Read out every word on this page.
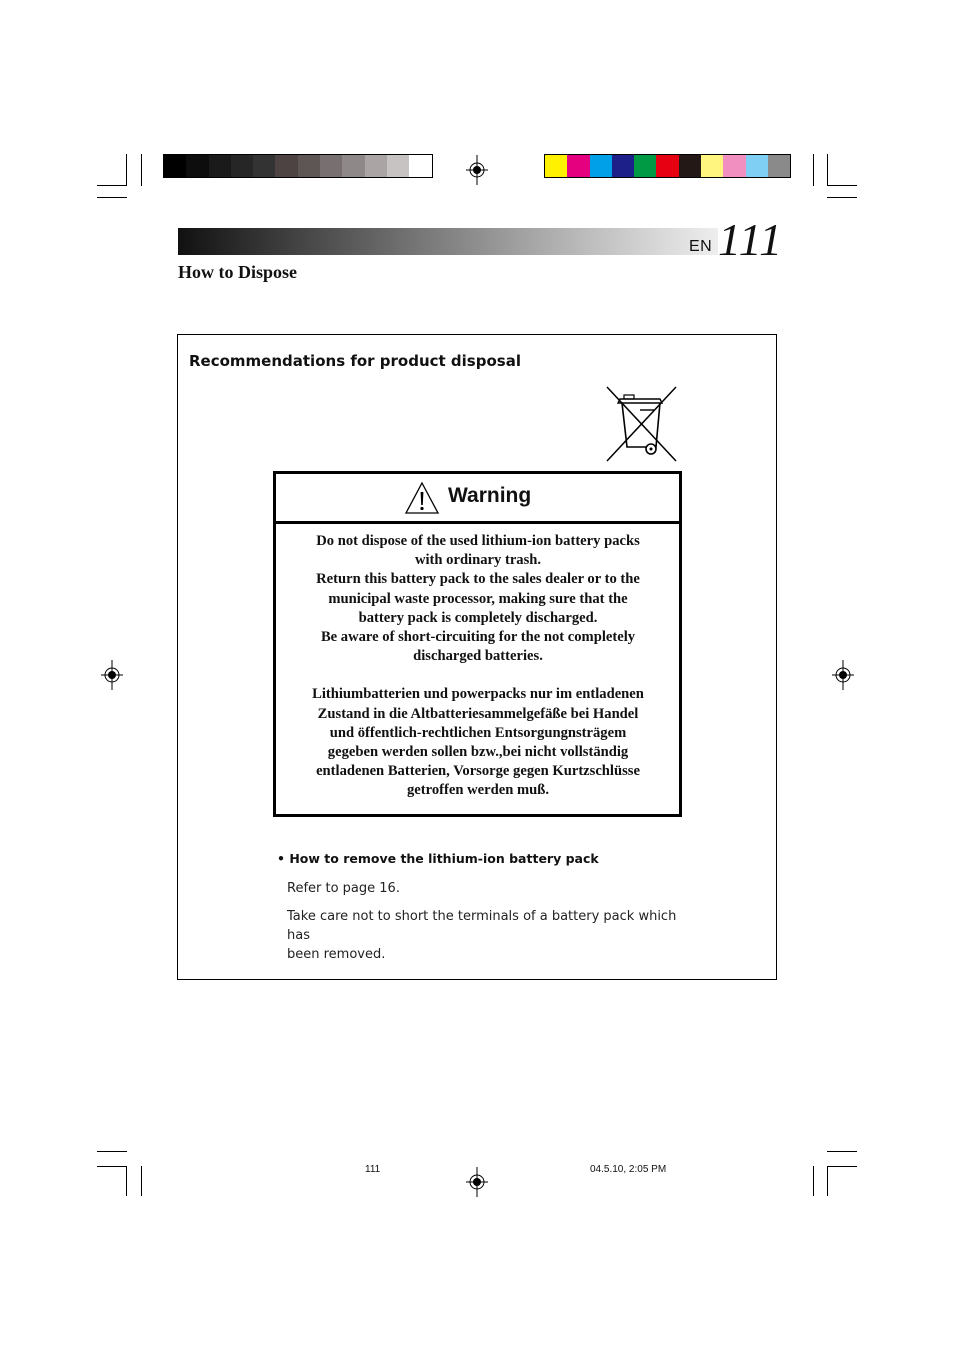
EN 111
How to Dispose
Recommendations for product disposal
Warning

Do not dispose of the used lithium-ion battery packs

with ordinary trash.

Return this battery pack to the sales dealer or to the

municipal waste processor, making sure that the

battery pack is completely discharged.

Be aware of short-circuiting for the not completely

discharged batteries.

Lithiumbatterien und powerpacks nur im entladenen

Zustand in die Altbatteriesammelgefäße bei Handel

und öffentlich-rechtlichen Entsorgungnsträgem

gegeben werden sollen bzw.,bei nicht vollständig

entladenen Batterien, Vorsorge gegen Kurtzschlüsse

getroffen werden muß.

• How to remove the lithium-ion battery pack
Refer to page 16.
Take care not to short the terminals of a battery pack which has
been removed.
111	04.5.10, 2:05 PM
